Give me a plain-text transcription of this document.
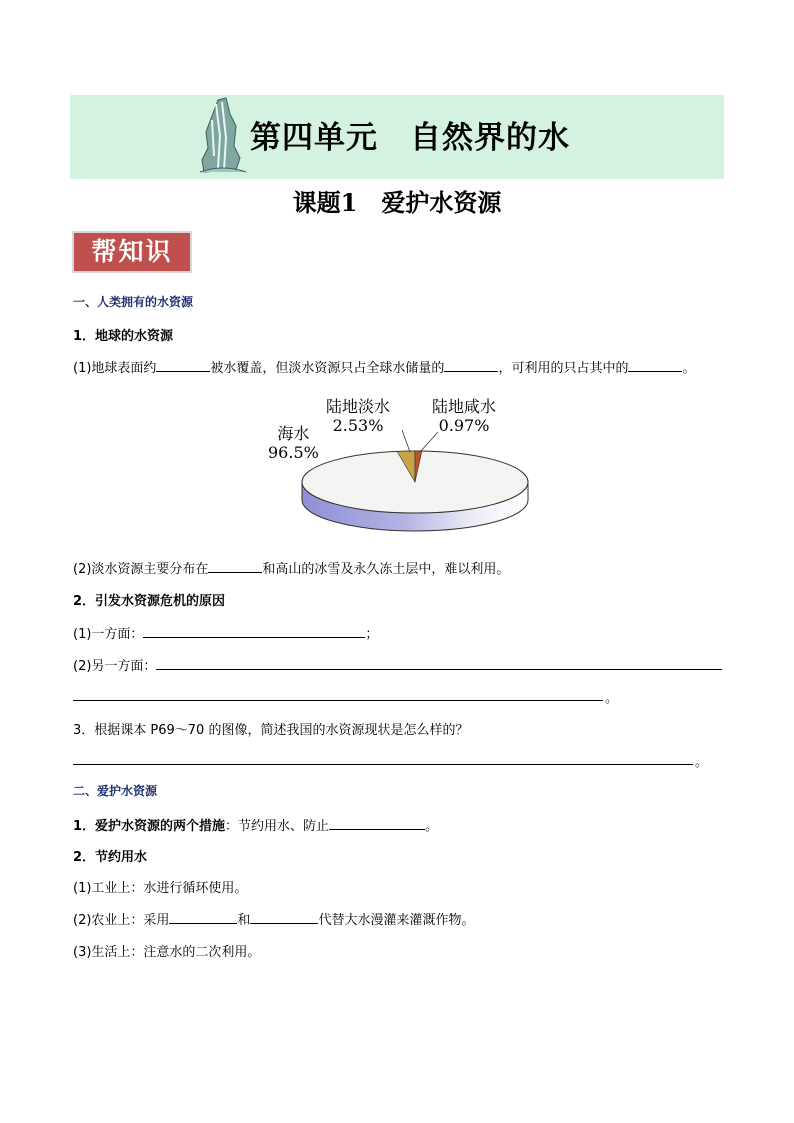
第四单元　自然界的水
课题1　爱护水资源
帮知识
一、人类拥有的水资源
1．地球的水资源
(1)地球表面约	被水覆盖，但淡水资源只占全球水储量的	，可利用的只占其中的	。
海水
96.5%
陆地淡水
2.53%
陆地咸水
0.97%
(2)淡水资源主要分布在	和高山的冰雪及永久冻土层中，难以利用。
2．引发水资源危机的原因
(1)一方面：	；
(2)另一方面：
。
3．根据课本 P69～70 的图像，简述我国的水资源现状是怎么样的？
。
二、爱护水资源
1．爱护水资源的两个措施：节约用水、防止	。
2．节约用水
(1)工业上：水进行循环使用。
(2)农业上：采用	和	代替大水漫灌来灌溉作物。
(3)生活上：注意水的二次利用。
